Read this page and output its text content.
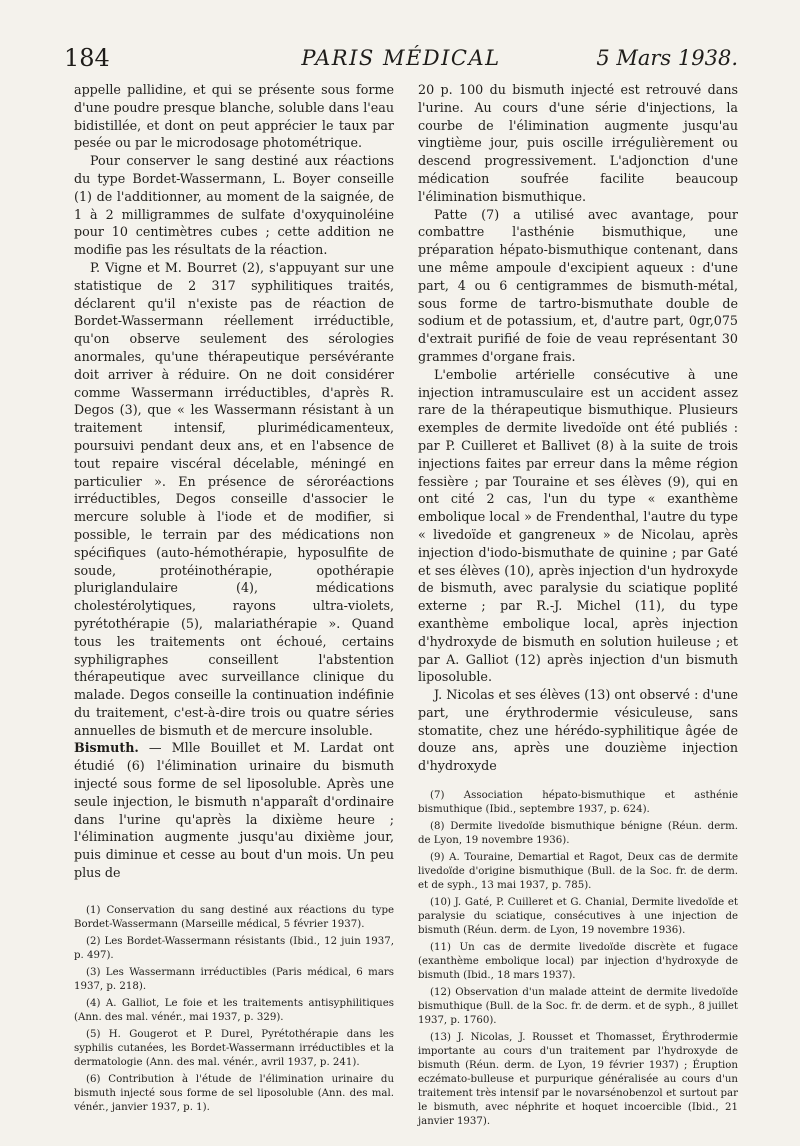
184	PARIS MÉDICAL	5 Mars 1938.

appelle pallidine, et qui se présente sous forme d'une poudre presque blanche, soluble dans l'eau bidistillée, et dont on peut apprécier le taux par pesée ou par le microdosage photométrique.

Pour conserver le sang destiné aux réactions du type Bordet-Wassermann, L. Boyer conseille (1) de l'additionner, au moment de la saignée, de 1 à 2 milligrammes de sulfate d'oxyquinoléine pour 10 centimètres cubes ; cette addition ne modifie pas les résultats de la réaction.

P. Vigne et M. Bourret (2), s'appuyant sur une statistique de 2 317 syphilitiques traités, déclarent qu'il n'existe pas de réaction de Bordet-Wassermann réellement irréductible, qu'on observe seulement des sérologies anormales, qu'une thérapeutique persévérante doit arriver à réduire. On ne doit considérer comme Wassermann irréductibles, d'après R. Degos (3), que « les Wassermann résistant à un traitement intensif, plurimédicamenteux, poursuivi pendant deux ans, et en l'absence de tout repaire viscéral décelable, méningé en particulier ». En présence de séroréactions irréductibles, Degos conseille d'associer le mercure soluble à l'iode et de modifier, si possible, le terrain par des médications non spécifiques (auto-hémothérapie, hyposulfite de soude, protéinothérapie, opothérapie pluriglandulaire (4), médications cholestérolytiques, rayons ultra-violets, pyrétothérapie (5), malariathérapie ». Quand tous les traitements ont échoué, certains syphiligraphes conseillent l'abstention thérapeutique avec surveillance clinique du malade. Degos conseille la continuation indéfinie du traitement, c'est-à-dire trois ou quatre séries annuelles de bismuth et de mercure insoluble.

Bismuth. — Mlle Bouillet et M. Lardat ont étudié (6) l'élimination urinaire du bismuth injecté sous forme de sel liposoluble. Après une seule injection, le bismuth n'apparaît d'ordinaire dans l'urine qu'après la dixième heure ; l'élimination augmente jusqu'au dixième jour, puis diminue et cesse au bout d'un mois. Un peu plus de

(1) Conservation du sang destiné aux réactions du type Bordet-Wassermann (Marseille médical, 5 février 1937).

(2) Les Bordet-Wassermann résistants (Ibid., 12 juin 1937, p. 497).

(3) Les Wassermann irréductibles (Paris médical, 6 mars 1937, p. 218).

(4) A. Galliot, Le foie et les traitements antisyphilitiques (Ann. des mal. vénér., mai 1937, p. 329).

(5) H. Gougerot et P. Durel, Pyrétothérapie dans les syphilis cutanées, les Bordet-Wassermann irréductibles et la dermatologie (Ann. des mal. vénér., avril 1937, p. 241).

(6) Contribution à l'étude de l'élimination urinaire du bismuth injecté sous forme de sel liposoluble (Ann. des mal. vénér., janvier 1937, p. 1).

20 p. 100 du bismuth injecté est retrouvé dans l'urine. Au cours d'une série d'injections, la courbe de l'élimination augmente jusqu'au vingtième jour, puis oscille irrégulièrement ou descend progressivement. L'adjonction d'une médication soufrée facilite beaucoup l'élimination bismuthique.

Patte (7) a utilisé avec avantage, pour combattre l'asthénie bismuthique, une préparation hépato-bismuthique contenant, dans une même ampoule d'excipient aqueux : d'une part, 4 ou 6 centigrammes de bismuth-métal, sous forme de tartro-bismuthate double de sodium et de potassium, et, d'autre part, 0gr,075 d'extrait purifié de foie de veau représentant 30 grammes d'organe frais.

L'embolie artérielle consécutive à une injection intramusculaire est un accident assez rare de la thérapeutique bismuthique. Plusieurs exemples de dermite livedoïde ont été publiés : par P. Cuilleret et Ballivet (8) à la suite de trois injections faites par erreur dans la même région fessière ; par Touraine et ses élèves (9), qui en ont cité 2 cas, l'un du type « exanthème embolique local » de Frendenthal, l'autre du type « livedoïde et gangreneux » de Nicolau, après injection d'iodo-bismuthate de quinine ; par Gaté et ses élèves (10), après injection d'un hydroxyde de bismuth, avec paralysie du sciatique poplité externe ; par R.-J. Michel (11), du type exanthème embolique local, après injection d'hydroxyde de bismuth en solution huileuse ; et par A. Galliot (12) après injection d'un bismuth liposoluble.

J. Nicolas et ses élèves (13) ont observé : d'une part, une érythrodermie vésiculeuse, sans stomatite, chez une hérédo-syphilitique âgée de douze ans, après une douzième injection d'hydroxyde

(7) Association hépato-bismuthique et asthénie bismuthique (Ibid., septembre 1937, p. 624).

(8) Dermite livedoïde bismuthique bénigne (Réun. derm. de Lyon, 19 novembre 1936).

(9) A. Touraine, Demartial et Ragot, Deux cas de dermite livedoïde d'origine bismuthique (Bull. de la Soc. fr. de derm. et de syph., 13 mai 1937, p. 785).

(10) J. Gaté, P. Cuilleret et G. Chanial, Dermite livedoïde et paralysie du sciatique, consécutives à une injection de bismuth (Réun. derm. de Lyon, 19 novembre 1936).

(11) Un cas de dermite livedoïde discrète et fugace (exanthème embolique local) par injection d'hydroxyde de bismuth (Ibid., 18 mars 1937).

(12) Observation d'un malade atteint de dermite livedoïde bismuthique (Bull. de la Soc. fr. de derm. et de syph., 8 juillet 1937, p. 1760).

(13) J. Nicolas, J. Rousset et Thomasset, Érythrodermie importante au cours d'un traitement par l'hydroxyde de bismuth (Réun. derm. de Lyon, 19 février 1937) ; Éruption eczémato-bulleuse et purpurique généralisée au cours d'un traitement très intensif par le novarsénobenzol et surtout par le bismuth, avec néphrite et hoquet incoercible (Ibid., 21 janvier 1937).
